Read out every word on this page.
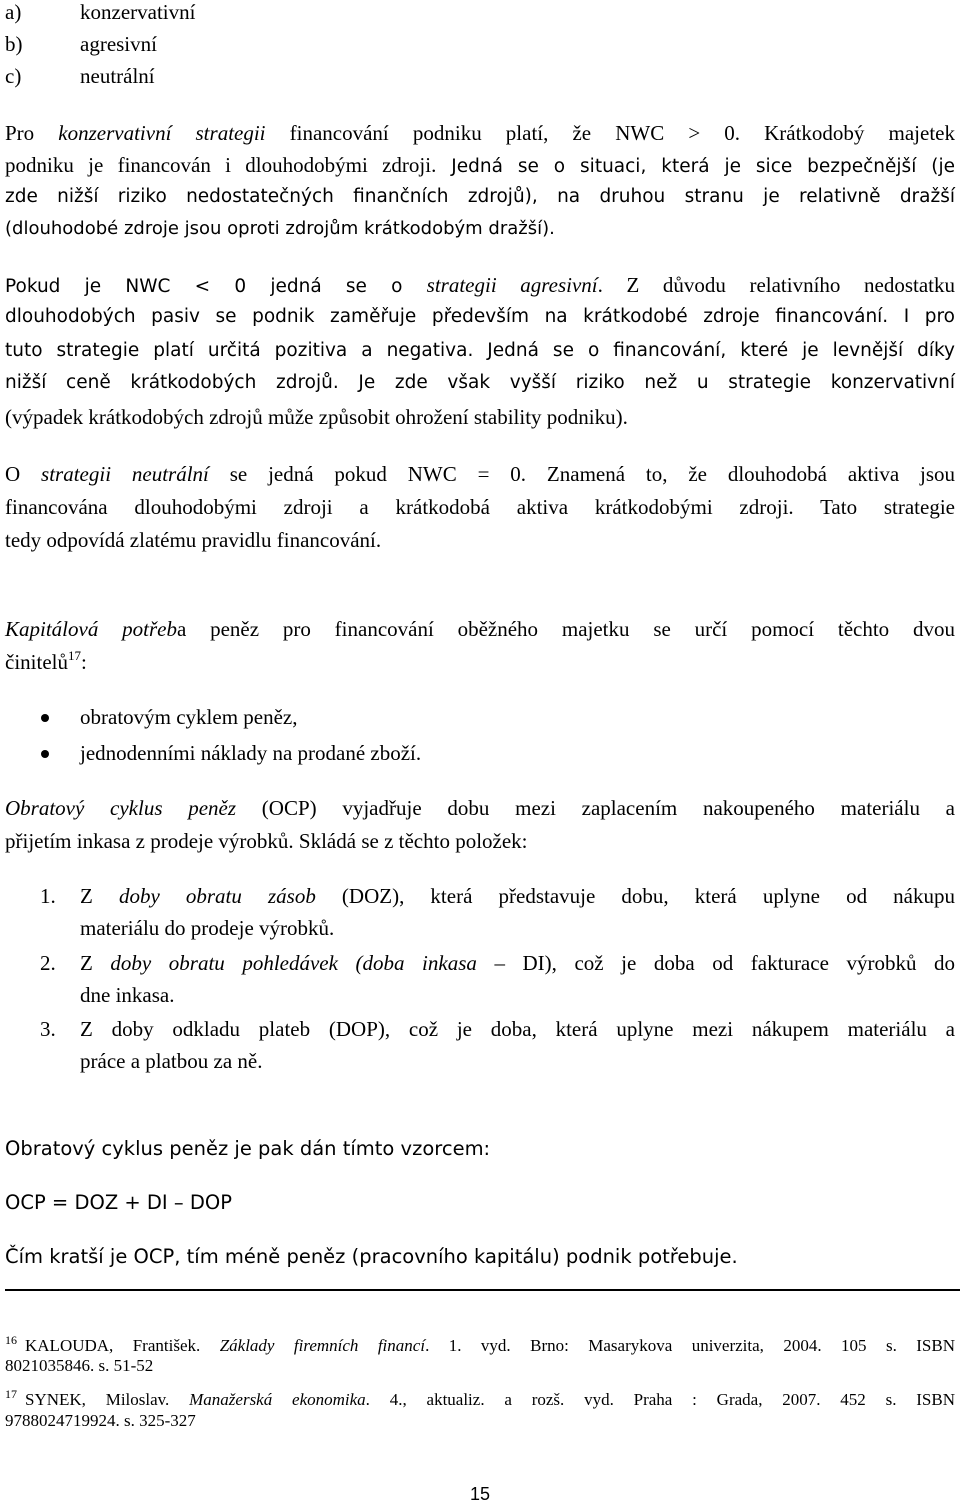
a)	konzervativní
b)	agresivní
c)	neutrální
Pro konzervativní strategii financování podniku platí, že NWC > 0. Krátkodobý majetek
podniku je financován i dlouhodobými zdroji. Jedná se o situaci, která je sice bezpečnější (je
zde nižší riziko nedostatečných finančních zdrojů), na druhou stranu je relativně dražší
(dlouhodobé zdroje jsou oproti zdrojům krátkodobým dražší).
Pokud je NWC < 0 jedná se o strategii agresivní. Z důvodu relativního nedostatku
dlouhodobých pasiv se podnik zaměřuje především na krátkodobé zdroje financování. I pro
tuto strategie platí určitá pozitiva a negativa. Jedná se o financování, které je levnější díky
nižší ceně krátkodobých zdrojů. Je zde však vyšší riziko než u strategie konzervativní
(výpadek krátkodobých zdrojů může způsobit ohrožení stability podniku).
O strategii neutrální se jedná pokud NWC = 0. Znamená to, že dlouhodobá aktiva jsou
financována dlouhodobými zdroji a krátkodobá aktiva krátkodobými zdroji. Tato strategie
tedy odpovídá zlatému pravidlu financování.
Kapitálová potřeba peněz pro financování oběžného majetku se určí pomocí těchto dvou
činitelů$^{17}$:
obratovým cyklem peněz,
jednodenními náklady na prodané zboží.
Obratový cyklus peněz (OCP) vyjadřuje dobu mezi zaplacením nakoupeného materiálu a
přijetím inkasa z prodeje výrobků. Skládá se z těchto položek:
1. Z doby obratu zásob (DOZ), která představuje dobu, která uplyne od nákupu
materiálu do prodeje výrobků.
2. Z doby obratu pohledávek (doba inkasa – DI), což je doba od fakturace výrobků do
dne inkasa.
3. Z doby odkladu plateb (DOP), což je doba, která uplyne mezi nákupem materiálu a
práce a platbou za ně.
Obratový cyklus peněz je pak dán tímto vzorcem:
OCP = DOZ + DI – DOP
Čím kratší je OCP, tím méně peněz (pracovního kapitálu) podnik potřebuje.
$^{16}$ KALOUDA, František. Základy firemních financí. 1. vyd. Brno: Masarykova univerzita, 2004. 105 s. ISBN
8021035846. s. 51-52
$^{17}$ SYNEK, Miloslav. Manažerská ekonomika. 4., aktualiz. a rozš. vyd. Praha : Grada, 2007. 452 s. ISBN
9788024719924. s. 325-327
15
